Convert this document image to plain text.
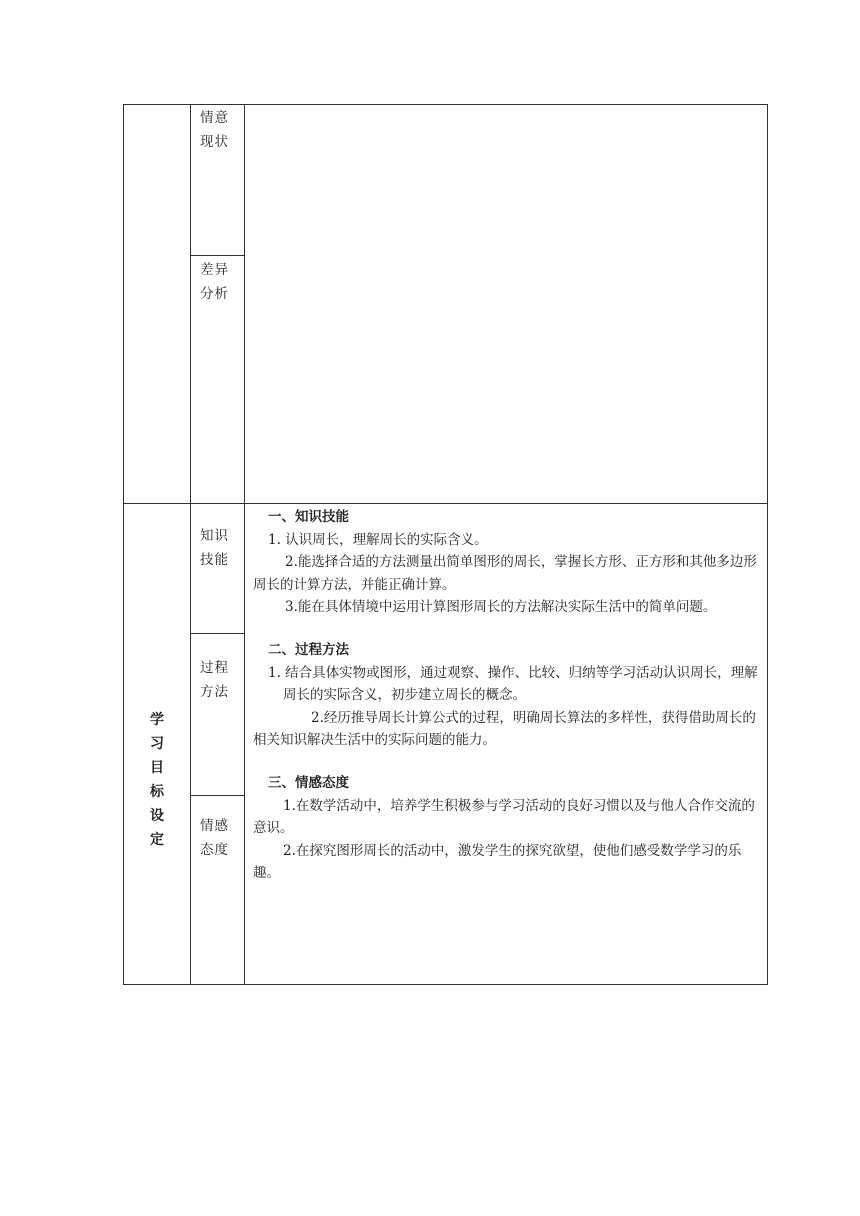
情意
现状
差异
分析
学 习
目 标
设 定
知识
技能
过程
方法
情感
态度

一、知识技能

1. 认识周长，理解周长的实际含义。

2.能选择合适的方法测量出简单图形的周长，掌握长方形、正方形和其他多边形周长的计算方法，并能正确计算。

3.能在具体情境中运用计算图形周长的方法解决实际生活中的简单问题。

二、过程方法

1. 结合具体实物或图形，通过观察、操作、比较、归纳等学习活动认识周长，理解周长的实际含义，初步建立周长的概念。

2.经历推导周长计算公式的过程，明确周长算法的多样性，获得借助周长的相关知识解决生活中的实际问题的能力。

三、情感态度

1.在数学活动中，培养学生积极参与学习活动的良好习惯以及与他人合作交流的意识。

2.在探究图形周长的活动中，激发学生的探究欲望，使他们感受数学学习的乐趣。
